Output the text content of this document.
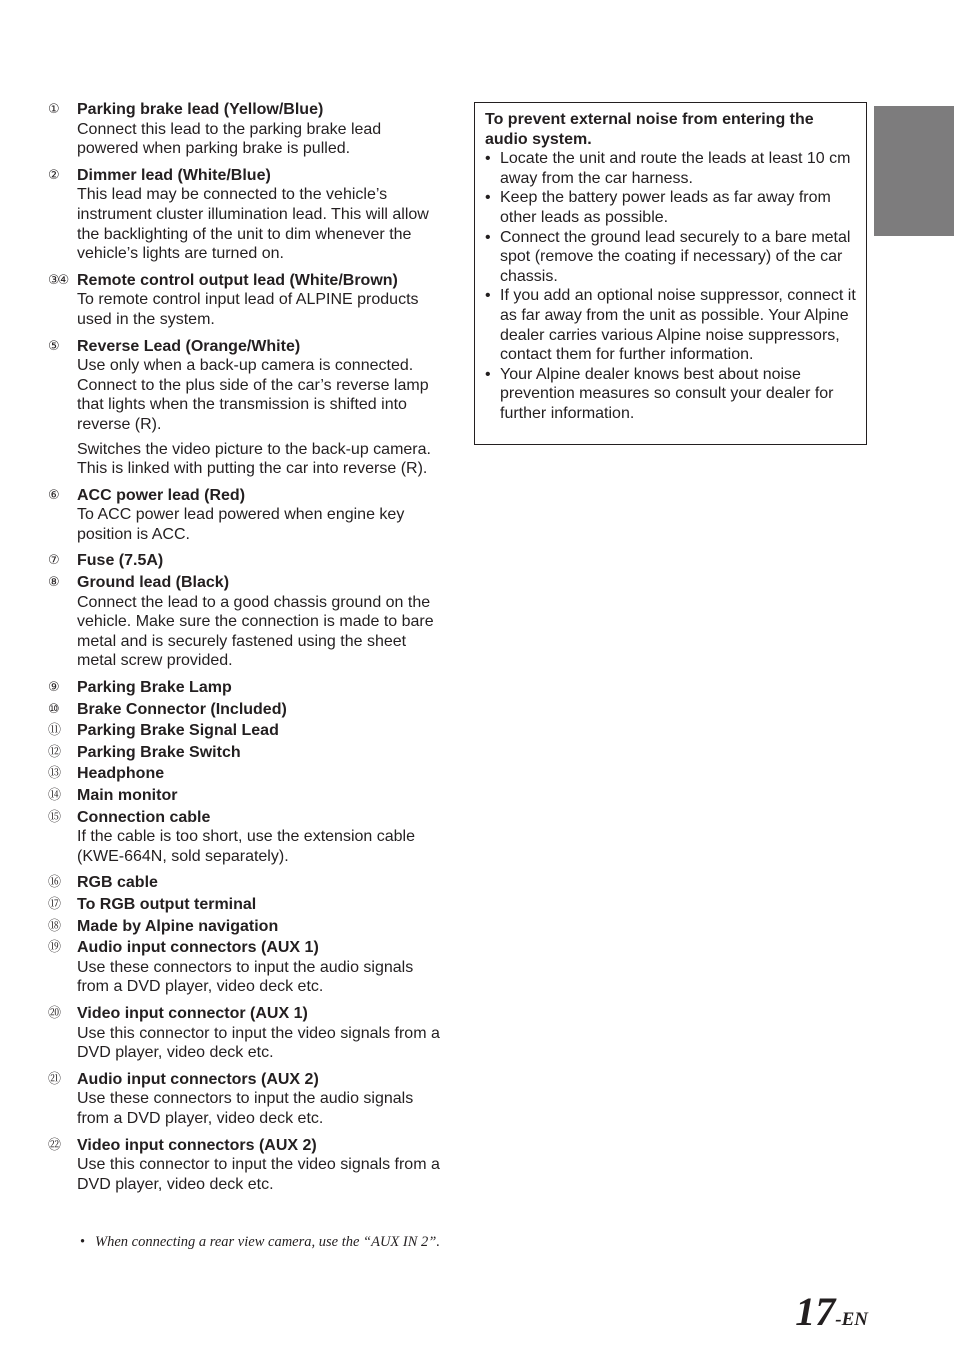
①	Parking brake lead (Yellow/Blue)
Connect this lead to the parking brake lead powered when parking brake is pulled.
②	Dimmer lead (White/Blue)
This lead may be connected to the vehicle’s instrument cluster illumination lead. This will allow the backlighting of the unit to dim whenever the vehicle’s lights are turned on.
③④ Remote control output lead (White/Brown)
To remote control input lead of ALPINE products used in the system.
⑤	Reverse Lead (Orange/White)
Use only when a back-up camera is connected. Connect to the plus side of the car’s reverse lamp that lights when the transmission is shifted into reverse (R).
Switches the video picture to the back-up camera. This is linked with putting the car into reverse (R).
⑥	ACC power lead (Red)
To ACC power lead powered when engine key position is ACC.
⑦	Fuse (7.5A)
⑧	Ground lead (Black)
Connect the lead to a good chassis ground on the vehicle. Make sure the connection is made to bare metal and is securely fastened using the sheet metal screw provided.
⑨	Parking Brake Lamp
⑩	Brake Connector (Included)
⑪	Parking Brake Signal Lead
⑫	Parking Brake Switch
⑬	Headphone
⑭	Main monitor
⑮	Connection cable
If the cable is too short, use the extension cable (KWE-664N, sold separately).
⑯	RGB cable
⑰	To RGB output terminal
⑱	Made by Alpine navigation
⑲	Audio input connectors (AUX 1)
Use these connectors to input the audio signals from a DVD player, video deck etc.
⑳	Video input connector (AUX 1)
Use this connector to input the video signals from a DVD player, video deck etc.
㉑	Audio input connectors (AUX 2)
Use these connectors to input the audio signals from a DVD player, video deck etc.
㉒	Video input connectors (AUX 2)
Use this connector to input the video signals from a DVD player, video deck etc.
• When connecting a rear view camera, use the “AUX IN 2”.
To prevent external noise from entering the audio system.
• Locate the unit and route the leads at least 10 cm away from the car harness.
• Keep the battery power leads as far away from other leads as possible.
• Connect the ground lead securely to a bare metal spot (remove the coating if necessary) of the car chassis.
• If you add an optional noise suppressor, connect it as far away from the unit as possible. Your Alpine dealer carries various Alpine noise suppressors, contact them for further information.
• Your Alpine dealer knows best about noise prevention measures so consult your dealer for further information.
17-EN
